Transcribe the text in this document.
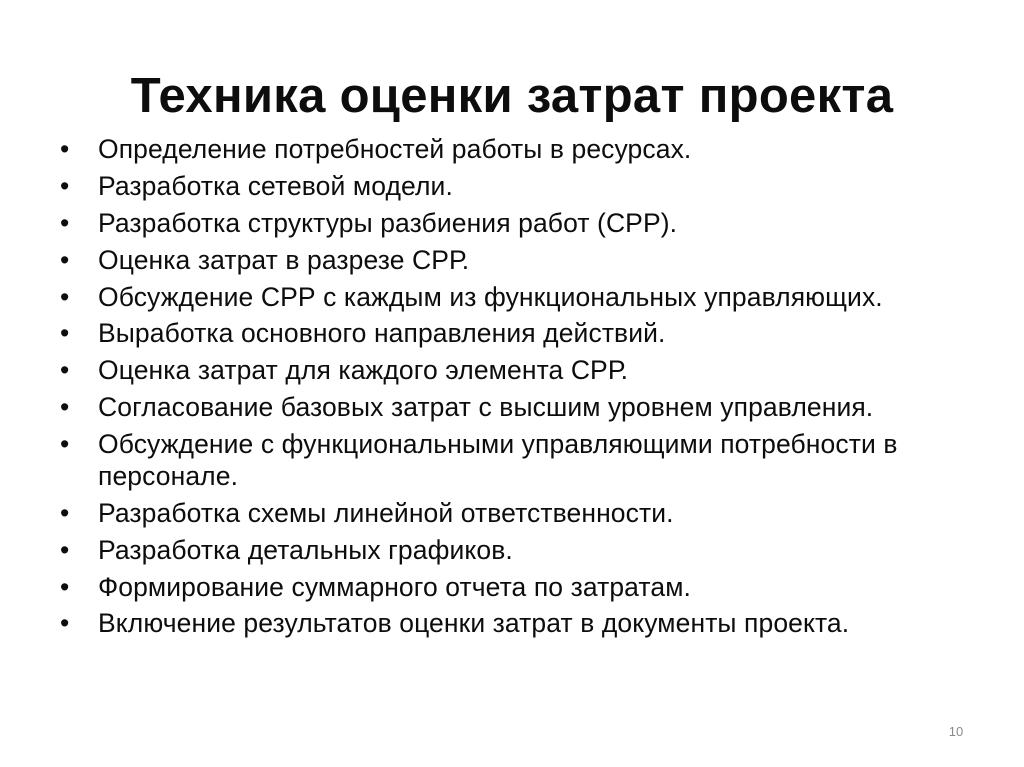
Техника оценки затрат проекта
• Определение потребностей работы в ресурсах.
• Разработка сетевой модели.
• Разработка структуры разбиения работ (СРР).
• Оценка затрат в разрезе СРР.
• Обсуждение СРР с каждым из функциональных управляющих.
• Выработка основного направления действий.
• Оценка затрат для каждого элемента СРР.
• Согласование базовых затрат с высшим уровнем управления.
• Обсуждение с функциональными управляющими потребности в персонале.
• Разработка схемы линейной ответственности.
• Разработка детальных графиков.
• Формирование суммарного отчета по затратам.
• Включение результатов оценки затрат в документы проекта.
10
